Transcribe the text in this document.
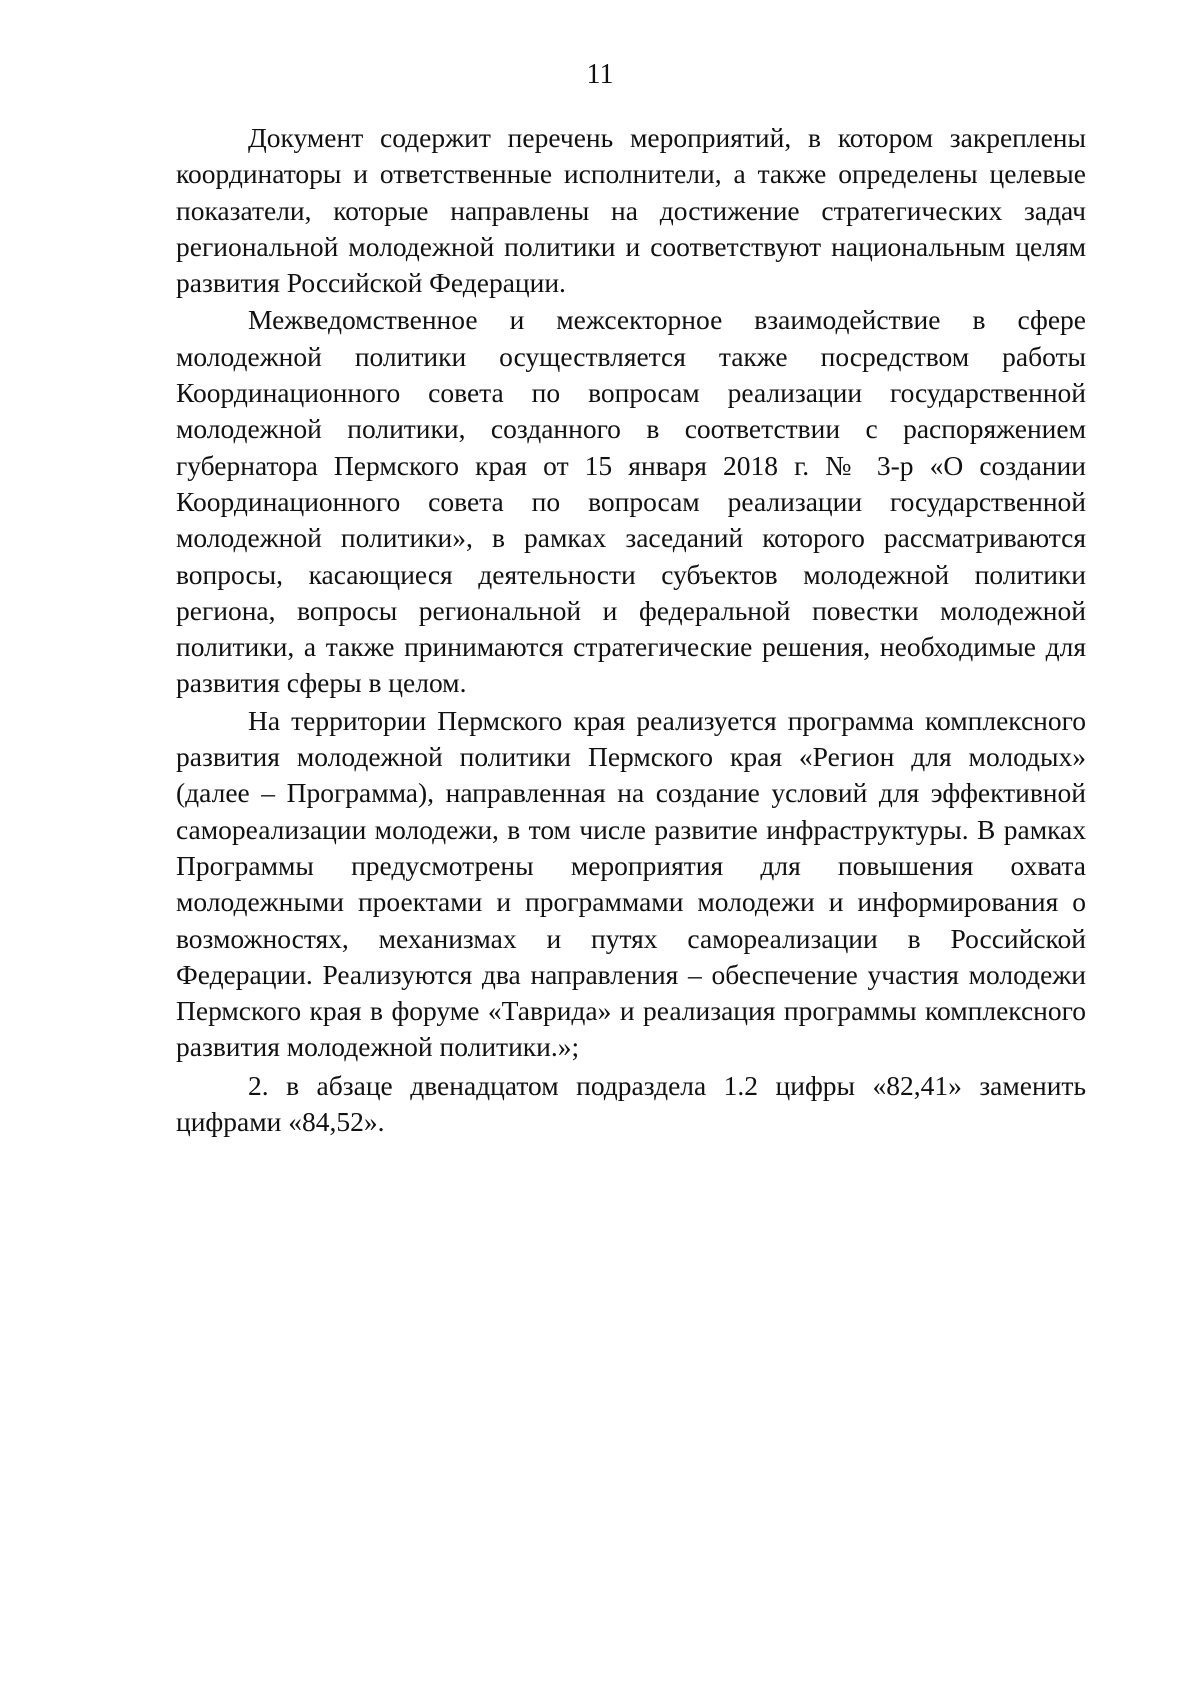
11

Документ содержит перечень мероприятий, в котором закреплены координаторы и ответственные исполнители, а также определены целевые показатели, которые направлены на достижение стратегических задач региональной молодежной политики и соответствуют национальным целям развития Российской Федерации.

Межведомственное и межсекторное взаимодействие в сфере молодежной политики осуществляется также посредством работы Координационного совета по вопросам реализации государственной молодежной политики, созданного в соответствии с распоряжением губернатора Пермского края от 15 января 2018 г. № 3-р «О создании Координационного совета по вопросам реализации государственной молодежной политики», в рамках заседаний которого рассматриваются вопросы, касающиеся деятельности субъектов молодежной политики региона, вопросы региональной и федеральной повестки молодежной политики, а также принимаются стратегические решения, необходимые для развития сферы в целом.

На территории Пермского края реализуется программа комплексного развития молодежной политики Пермского края «Регион для молодых» (далее – Программа), направленная на создание условий для эффективной самореализации молодежи, в том числе развитие инфраструктуры. В рамках Программы предусмотрены мероприятия для повышения охвата молодежными проектами и программами молодежи и информирования о возможностях, механизмах и путях самореализации в Российской Федерации. Реализуются два направления – обеспечение участия молодежи Пермского края в форуме «Таврида» и реализация программы комплексного развития молодежной политики.»;

2. в абзаце двенадцатом подраздела 1.2 цифры «82,41» заменить цифрами «84,52».
